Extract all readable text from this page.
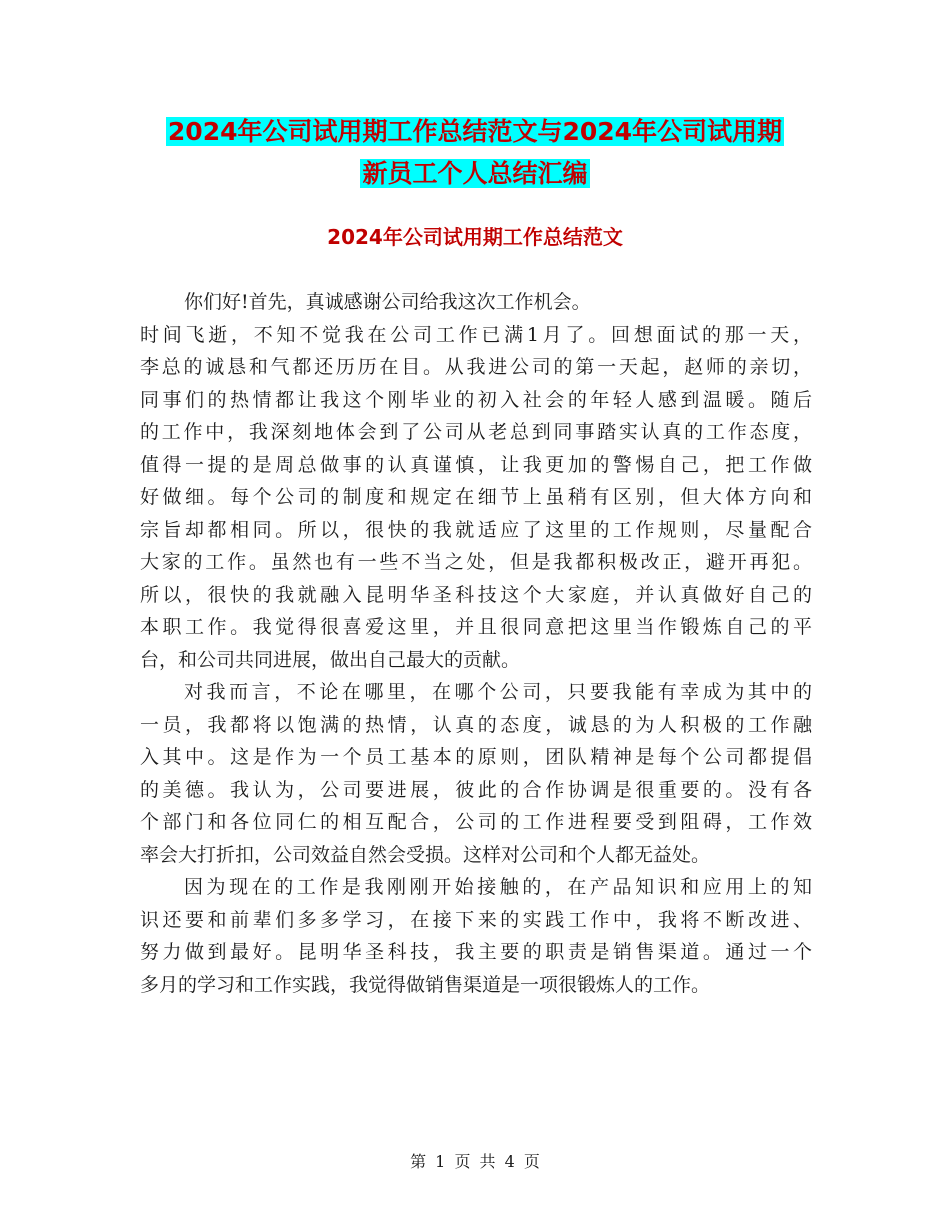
2024年公司试用期工作总结范文与2024年公司试用期
新员工个人总结汇编
2024年公司试用期工作总结范文
你们好!首先，真诚感谢公司给我这次工作机会。
时间飞逝，不知不觉我在公司工作已满1月了。回想面试的那一天，
李总的诚恳和气都还历历在目。从我进公司的第一天起，赵师的亲切，
同事们的热情都让我这个刚毕业的初入社会的年轻人感到温暖。随后
的工作中，我深刻地体会到了公司从老总到同事踏实认真的工作态度，
值得一提的是周总做事的认真谨慎，让我更加的警惕自己，把工作做
好做细。每个公司的制度和规定在细节上虽稍有区别，但大体方向和
宗旨却都相同。所以，很快的我就适应了这里的工作规则，尽量配合
大家的工作。虽然也有一些不当之处，但是我都积极改正，避开再犯。
所以，很快的我就融入昆明华圣科技这个大家庭，并认真做好自己的
本职工作。我觉得很喜爱这里，并且很同意把这里当作锻炼自己的平
台，和公司共同进展，做出自己最大的贡献。
对我而言，不论在哪里，在哪个公司，只要我能有幸成为其中的
一员，我都将以饱满的热情，认真的态度，诚恳的为人积极的工作融
入其中。这是作为一个员工基本的原则，团队精神是每个公司都提倡
的美德。我认为，公司要进展，彼此的合作协调是很重要的。没有各
个部门和各位同仁的相互配合，公司的工作进程要受到阻碍，工作效
率会大打折扣，公司效益自然会受损。这样对公司和个人都无益处。
因为现在的工作是我刚刚开始接触的，在产品知识和应用上的知
识还要和前辈们多多学习，在接下来的实践工作中，我将不断改进、
努力做到最好。昆明华圣科技，我主要的职责是销售渠道。通过一个
多月的学习和工作实践，我觉得做销售渠道是一项很锻炼人的工作。
第 1 页 共 4 页
